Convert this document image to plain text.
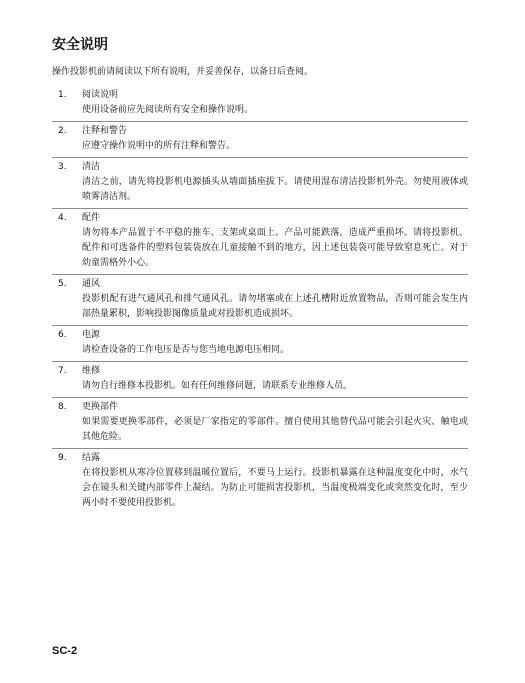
安全说明
操作投影机前请阅读以下所有说明，并妥善保存，以备日后查阅。
1.	阅读说明
使用设备前应先阅读所有安全和操作说明。
2.	注释和警告
应遵守操作说明中的所有注释和警告。
3.	清洁
清洁之前，请先将投影机电源插头从墙面插座拔下。请使用湿布清洁投影机外壳。勿使用液体或喷雾清洁剂。
4.	配件
请勿将本产品置于不平稳的推车、支架或桌面上。产品可能跌落，造成严重损坏。请将投影机、配件和可选备件的塑料包装袋放在儿童接触不到的地方，因上述包装袋可能导致窒息死亡。对于幼童需格外小心。
5.	通风
投影机配有进气通风孔和排气通风孔。请勿堵塞或在上述孔槽附近放置物品，否则可能会发生内部热量累积，影响投影图像质量或对投影机造成损坏。
6.	电源
请检查设备的工作电压是否与您当地电源电压相同。
7.	维修
请勿自行维修本投影机。如有任何维修问题，请联系专业维修人员。
8.	更换部件
如果需要更换零部件，必须是厂家指定的零部件。擅自使用其他替代品可能会引起火灾、触电或其他危险。
9.	结露
在将投影机从寒冷位置移到温暖位置后，不要马上运行。投影机暴露在这种温度变化中时，水气会在镜头和关键内部零件上凝结。为防止可能损害投影机，当温度极端变化或突然变化时，至少两小时不要使用投影机。
SC-2
